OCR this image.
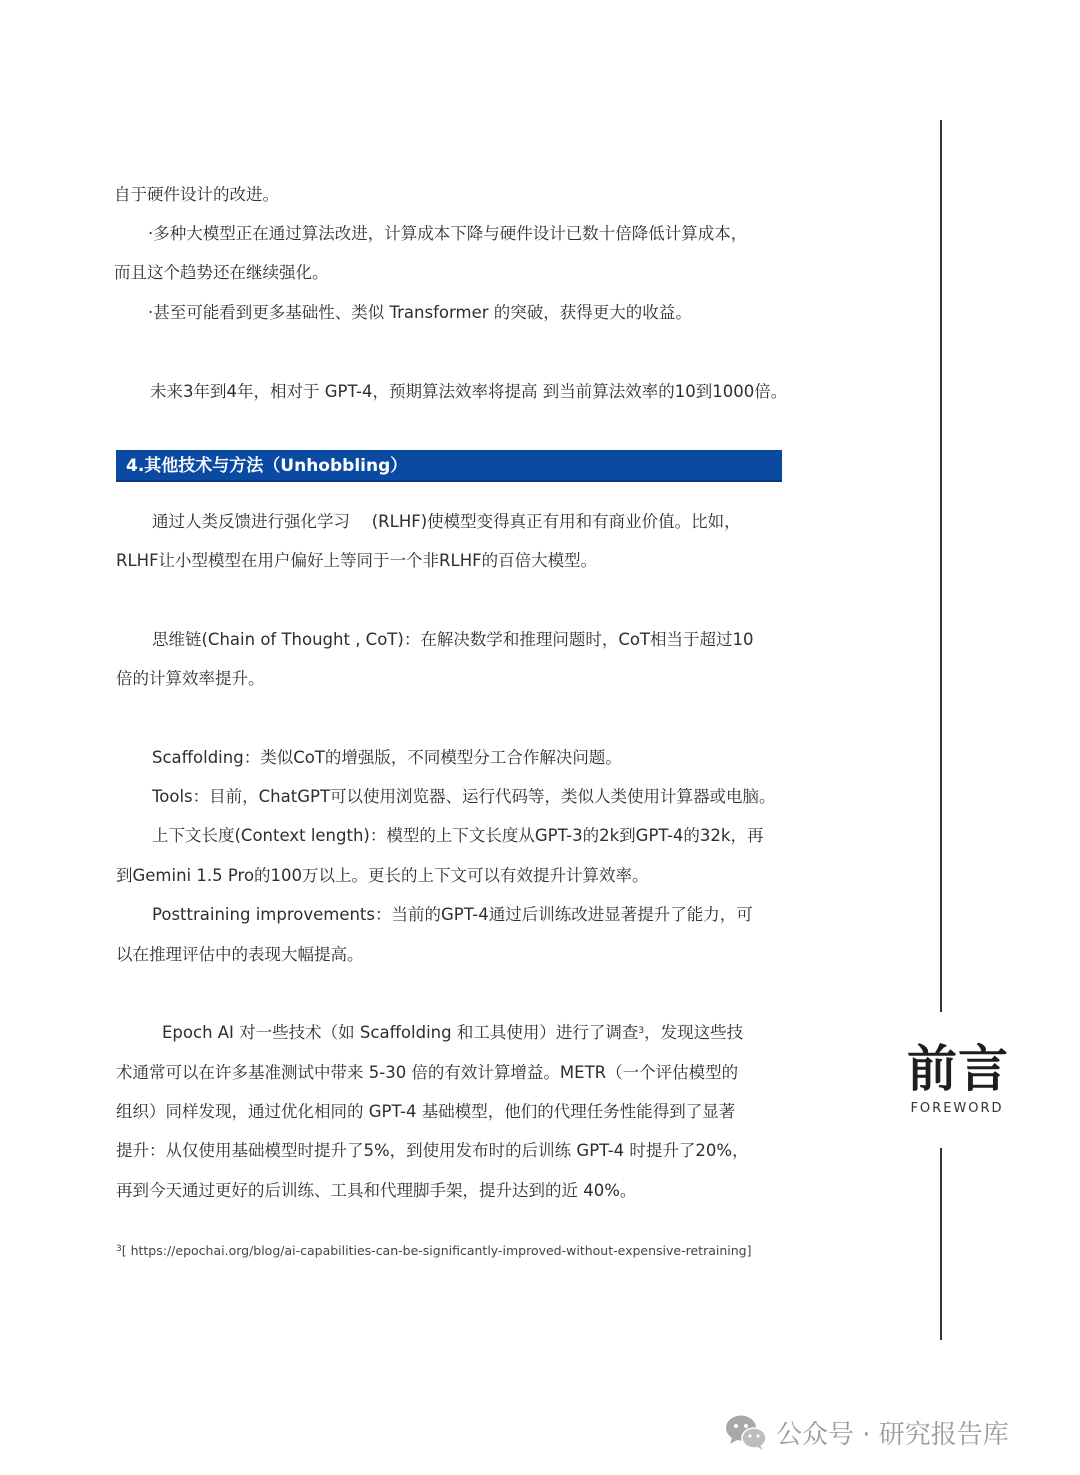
自于硬件设计的改进。
·多种大模型正在通过算法改进，计算成本下降与硬件设计已数十倍降低计算成本，
而且这个趋势还在继续强化。
·甚至可能看到更多基础性、类似 Transformer 的突破，获得更大的收益。
未来3年到4年，相对于 GPT-4，预期算法效率将提高 到当前算法效率的10到1000倍。
4.其他技术与方法（Unhobbling）
通过人类反馈进行强化学习　 (RLHF)使模型变得真正有用和有商业价值。比如，
RLHF让小型模型在用户偏好上等同于一个非RLHF的百倍大模型。
思维链(Chain of Thought , CoT)：在解决数学和推理问题时，CoT相当于超过10
倍的计算效率提升。
Scaffolding：类似CoT的增强版，不同模型分工合作解决问题。
Tools：目前，ChatGPT可以使用浏览器、运行代码等，类似人类使用计算器或电脑。
上下文长度(Context length)：模型的上下文长度从GPT-3的2k到GPT-4的32k，再
到Gemini 1.5 Pro的100万以上。更长的上下文可以有效提升计算效率。
Posttraining improvements：当前的GPT-4通过后训练改进显著提升了能力，可
以在推理评估中的表现大幅提高。
Epoch AI 对一些技术（如 Scaffolding 和工具使用）进行了调查$^3$，发现这些技
术通常可以在许多基准测试中带来 5-30 倍的有效计算增益。METR（一个评估模型的
组织）同样发现，通过优化相同的 GPT-4 基础模型，他们的代理任务性能得到了显著
提升：从仅使用基础模型时提升了5%，到使用发布时的后训练 GPT-4 时提升了20%，
再到今天通过更好的后训练、工具和代理脚手架，提升达到的近 40%。
$^3$[ https://epochai.org/blog/ai-capabilities-can-be-significantly-improved-without-expensive-retraining]
前言
FOREWORD
公众号 · 研究报告库
